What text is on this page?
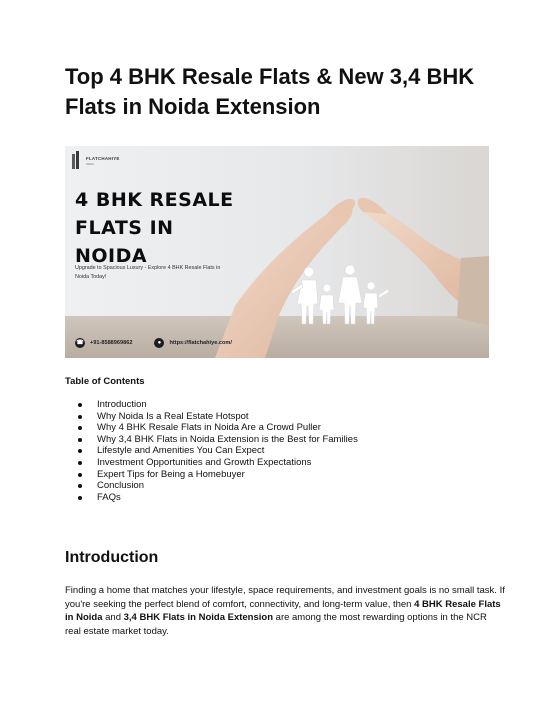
Top 4 BHK Resale Flats & New 3,4 BHK Flats in Noida Extension
FLATCHAHIYE
INDIA
4 BHK RESALE FLATS IN NOIDA
Upgrade to Spacious Luxury - Explore 4 BHK Resale Flats in Noida Today!
☎ +91-8588969862	●	https://flatchahiye.com/
Table of Contents
Introduction
Why Noida Is a Real Estate Hotspot
Why 4 BHK Resale Flats in Noida Are a Crowd Puller
Why 3,4 BHK Flats in Noida Extension is the Best for Families
Lifestyle and Amenities You Can Expect
Investment Opportunities and Growth Expectations
Expert Tips for Being a Homebuyer
Conclusion
FAQs
Introduction

Finding a home that matches your lifestyle, space requirements, and investment goals is no small task. If you're seeking the perfect blend of comfort, connectivity, and long-term value, then 4 BHK Resale Flats in Noida and 3,4 BHK Flats in Noida Extension are among the most rewarding options in the NCR real estate market today.
